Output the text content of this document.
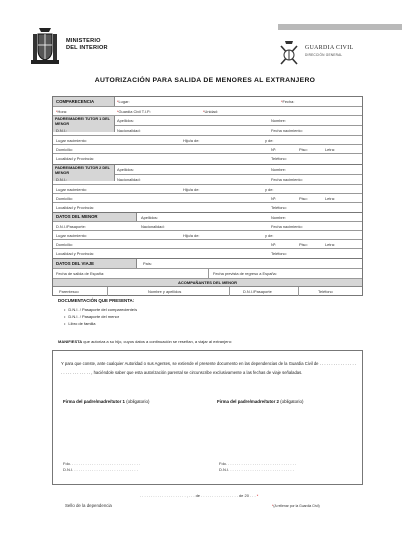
MINISTERIO
DEL INTERIOR	GUARDIA CIVIL
DIRECCIÓN GENERAL
AUTORIZACIÓN PARA SALIDA DE MENORES AL EXTRANJERO
COMPARECENCIA	*Lugar:	*Fecha:
*Hora:	*Guardia Civil T.I.P.:	*Unidad:
PADRE/MADRE/ TUTOR 1 DEL MENOR
Apellidos:	Nombre:
D.N.I.:	Nacionalidad:	Fecha nacimiento:
Lugar nacimiento:	Hijo/a de:	y de:
Domicilio:	Nº:	Piso:	Letra:
Localidad y Provincia:	Teléfono:
PADRE/MADRE/ TUTOR 2 DEL MENOR
Apellidos:	Nombre:
D.N.I.:	Nacionalidad:	Fecha nacimiento:
Lugar nacimiento:	Hijo/a de:	y de:
Domicilio:	Nº:	Piso:	Letra:
Localidad y Provincia:	Teléfono:
DATOS DEL MENOR	Apellidos:	Nombre:
D.N.I./Pasaporte:	Nacionalidad:	Fecha nacimiento:
Lugar nacimiento:	Hijo/a de:	y de:
Domicilio:	Nº:	Piso:	Letra:
Localidad y Provincia:	Teléfono:
DATOS DEL VIAJE	País:
Fecha de salida de España:	Fecha prevista de regreso a España:
ACOMPAÑANTES DEL MENOR
Parentesco	Nombre y apellidos	D.N.I./Pasaporte	Teléfono
DOCUMENTACIÓN QUE PRESENTA:
• D.N.I. / Pasaporte del compareciente/s
• D.N.I. / Pasaporte del menor
• Libro de familia
MANIFIESTA que autoriza a su hijo, cuyos datos a continuación se reseñan, a viajar al extranjero:
Y para que conste, ante cualquier Autoridad o sus Agentes, se extiende el presente documento en las dependencias de la Guardia Civil de . . . . . . . . . . . . . . . . . . . . . . . . . . . . . , haciéndole saber que esta autorización parental se circunscribe exclusivamente a las fechas de viaje señaladas.
Firma del padre/madre/tutor 1 (obligatorio)	Firma del padre/madre/tutor 2 (obligatorio)
Fdo. . . . . . . . . . . . . . . . . . . . . . . . . . . . . . . .
D.N.I. . . . . . . . . . . . . . . . . . . . . . . . . . . . . .
Fdo. . . . . . . . . . . . . . . . . . . . . . . . . . . . . . . .
D.N.I. . . . . . . . . . . . . . . . . . . . . . . . . . . . . .
. . . . . . . . . . . . . . . . . . . . . , . . . de . . . . . . . . . . . . . . . . . de 20 . . . *
Sello de la dependencia	*(A rellenar por la Guardia Civil)
